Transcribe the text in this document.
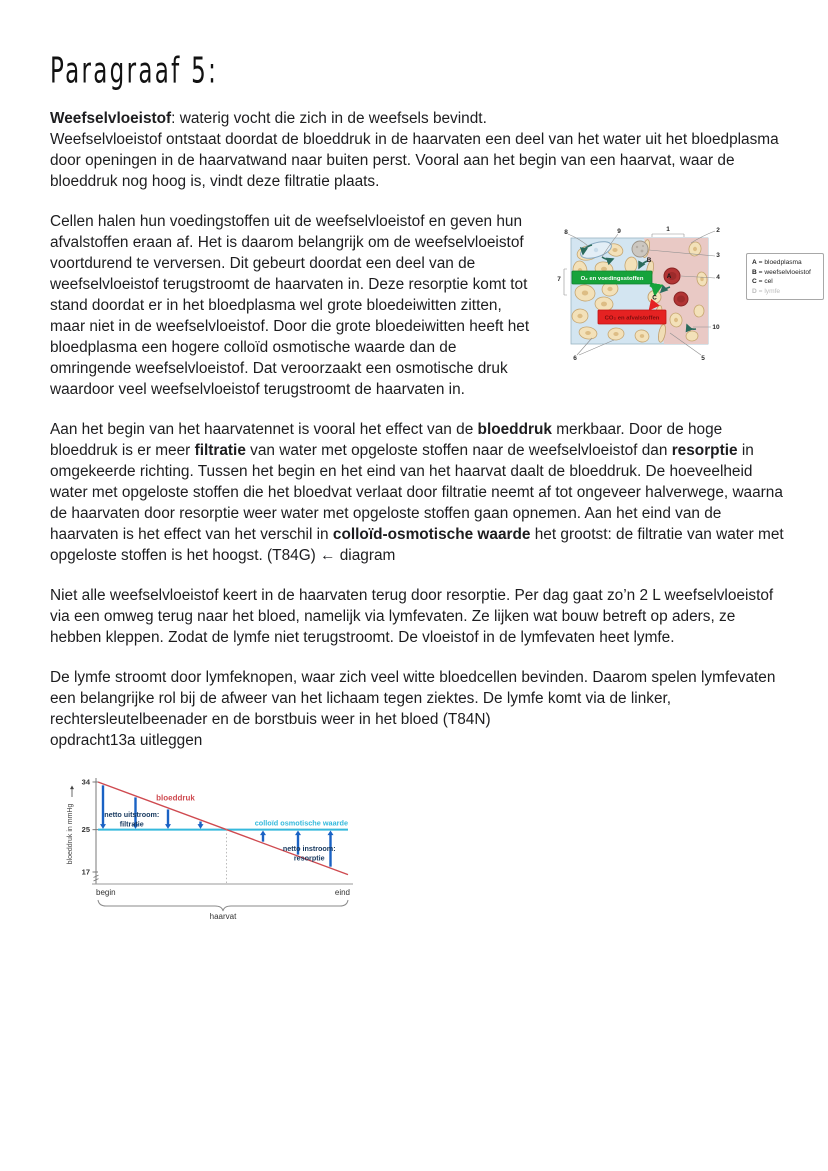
Paragraaf 5:
Weefselvloeistof: waterig vocht die zich in de weefsels bevindt.
Weefselvloeistof ontstaat doordat de bloeddruk in de haarvaten een deel van het water uit het bloedplasma door openingen in de haarvatwand naar buiten perst. Vooral aan het begin van een haarvat, waar de bloeddruk nog hoog is, vindt deze filtratie plaats.
O₂ en voedingsstoffen
CO₂ en afvalstoffen
1	2
3
4
5
6
7
8	9
10
A
B
C
A = bloedplasma
B = weefselvloeistof
C = cel
D = lymfe
Cellen halen hun voedingstoffen uit de weefselvloeistof en geven hun afvalstoffen eraan af. Het is daarom belangrijk om de weefselvloeistof voortdurend te verversen. Dit gebeurt doordat een deel van de weefselvloeistof terugstroomt de haarvaten in. Deze resorptie komt tot stand doordat er in het bloedplasma wel grote bloedeiwitten zitten, maar niet in de weefselvloeistof. Door die grote bloedeiwitten heeft het bloedplasma een hogere colloïd osmotische waarde dan de omringende weefselvloeistof. Dat veroorzaakt een osmotische druk waardoor veel weefselvloeistof terugstroomt de haarvaten in.
Aan het begin van het haarvatennet is vooral het effect van de bloeddruk merkbaar. Door de hoge bloeddruk is er meer filtratie van water met opgeloste stoffen naar de weefselvloeistof dan resorptie in omgekeerde richting. Tussen het begin en het eind van het haarvat daalt de bloeddruk. De hoeveelheid water met opgeloste stoffen die het bloedvat verlaat door filtratie neemt af tot ongeveer halverwege, waarna de haarvaten door resorptie weer water met opgeloste stoffen gaan opnemen. Aan het eind van de haarvaten is het effect van het verschil in colloïd-osmotische waarde het grootst: de filtratie van water met opgeloste stoffen is het hoogst. (T84G) ← diagram
Niet alle weefselvloeistof keert in de haarvaten terug door resorptie. Per dag gaat zo’n 2 L weefselvloeistof via een omweg terug naar het bloed, namelijk via lymfevaten. Ze lijken wat bouw betreft op aders, ze hebben kleppen. Zodat de lymfe niet terugstroomt. De vloeistof in de lymfevaten heet lymfe.
De lymfe stroomt door lymfeknopen, waar zich veel witte bloedcellen bevinden. Daarom spelen lymfevaten een belangrijke rol bij de afweer van het lichaam tegen ziektes. De lymfe komt via de linker, rechtersleutelbeenader en de borstbuis weer in het bloed (T84N)
opdracht13a uitleggen
34
25
17
colloïd osmotische waarde
bloeddruk
netto uitstroom:
filtratie
netto instroom:
resorptie
begin	eind
haarvat
bloeddruk in mmHg
